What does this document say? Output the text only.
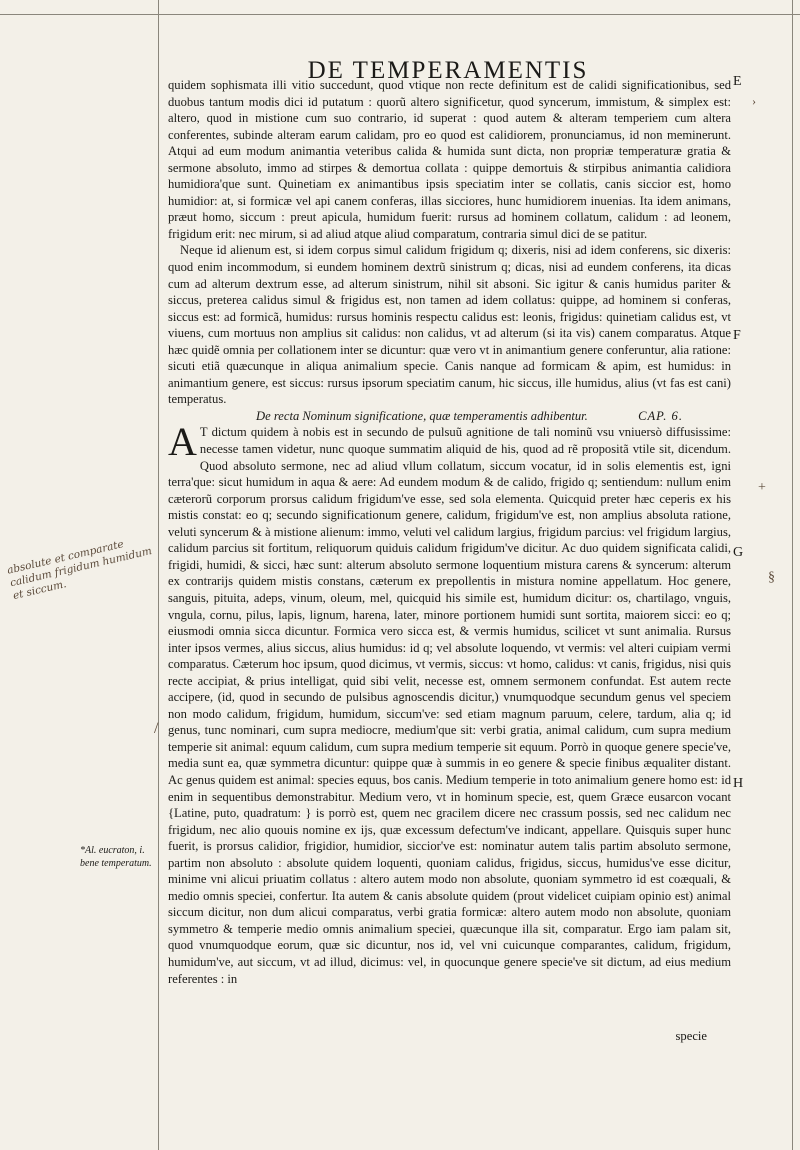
DE TEMPERAMENTIS

quidem sophismata illi vitio succedunt, quod vtique non recte definitum est de calidi significationibus, sed duobus tantum modis dici id putatum : quorũ altero significetur, quod syncerum, immistum, & simplex est: altero, quod in mistione cum suo contrario, id superat : quod autem & alteram temperiem cum altera conferentes, subinde alteram earum calidam, pro eo quod est calidiorem, pronunciamus, id non meminerunt. Atqui ad eum modum animantia veteribus calida & humida sunt dicta, non propriæ temperaturæ gratia & sermone absoluto, immo ad stirpes & demortua collata : quippe demortuis & stirpibus animantia calidiora humidiora'que sunt. Quinetiam ex animantibus ipsis speciatim inter se collatis, canis siccior est, homo humidior: at, si formicæ vel api canem conferas, illas sicciores, hunc humidiorem inuenias. Ita idem animans, præut homo, siccum : preut apicula, humidum fuerit: rursus ad hominem collatum, calidum : ad leonem, frigidum erit: nec mirum, si ad aliud atque aliud comparatum, contraria simul dici de se patitur.

Neque id alienum est, si idem corpus simul calidum frigidum q; dixeris, nisi ad idem conferens, sic dixeris: quod enim incommodum, si eundem hominem dextrũ sinistrum q; dicas, nisi ad eundem conferens, ita dicas cum ad alterum dextrum esse, ad alterum sinistrum, nihil sit absoni. Sic igitur & canis humidus pariter & siccus, preterea calidus simul & frigidus est, non tamen ad idem collatus: quippe, ad hominem si conferas, siccus est: ad formicã, humidus: rursus hominis respectu calidus est: leonis, frigidus: quinetiam calidus est, vt viuens, cum mortuus non amplius sit calidus: non calidus, vt ad alterum (si ita vis) canem comparatus. Atque hæc quidẽ omnia per collationem inter se dicuntur: quæ vero vt in animantium genere conferuntur, alia ratione: sicuti etiã quæcunque in aliqua animalium specie. Canis nanque ad formicam & apim, est humidus: in animantium genere, est siccus: rursus ipsorum speciatim canum, hic siccus, ille humidus, alius (vt fas est cani) temperatus.

De recta Nominum significatione, quæ temperamentis adhibentur.	CAP. 6.

A T dictum quidem à nobis est in secundo de pulsuũ agnitione de tali nominũ vsu vniuersò diffusissime: necesse tamen videtur, nunc quoque summatim aliquid de his, quod ad rẽ propositã vtile sit, dicendum. Quod absoluto sermone, nec ad aliud vllum collatum, siccum vocatur, id in solis elementis est, igni terra'que: sicut humidum in aqua & aere: Ad eundem modum & de calido, frigido q; sentiendum: nullum enim cæterorũ corporum prorsus calidum frigidum've esse, sed sola elementa. Quicquid preter hæc ceperis ex his mistis constat: eo q; secundo significationum genere, calidum, frigidum've est, non amplius absoluta ratione, veluti syncerum & à mistione alienum: immo, veluti vel calidum largius, frigidum parcius: vel frigidum largius, calidum parcius sit fortitum, reliquorum quiduis calidum frigidum've dicitur. Ac duo quidem significata calidi, frigidi, humidi, & sicci, hæc sunt: alterum absoluto sermone loquentium mistura carens & syncerum: alterum ex contrarijs quidem mistis constans, cæterum ex prepollentis in mistura nomine appellatum. Hoc genere, sanguis, pituita, adeps, vinum, oleum, mel, quicquid his simile est, humidum dicitur: os, chartilago, vnguis, vngula, cornu, pilus, lapis, lignum, harena, later, minore portionem humidi sunt sortita, maiorem sicci: eo q; eiusmodi omnia sicca dicuntur. Formica vero sicca est, & vermis humidus, scilicet vt sunt animalia. Rursus inter ipsos vermes, alius siccus, alius humidus: id q; vel absolute loquendo, vt vermis: vel alteri cuipiam vermi comparatus. Cæterum hoc ipsum, quod dicimus, vt vermis, siccus: vt homo, calidus: vt canis, frigidus, nisi quis recte accipiat, & prius intelligat, quid sibi velit, necesse est, omnem sermonem confundat. Est autem recte accipere, (id, quod in secundo de pulsibus agnoscendis dicitur,) vnumquodque secundum genus vel speciem non modo calidum, frigidum, humidum, siccum've: sed etiam magnum paruum, celere, tardum, alia q; id genus, tunc nominari, cum supra mediocre, medium'que sit: verbi gratia, animal calidum, cum supra medium temperie sit animal: equum calidum, cum supra medium temperie sit equum. Porrò in quoque genere specie've, media sunt ea, quæ symmetra dicuntur: quippe quæ à summis in eo genere & specie finibus æqualiter distant. Ac genus quidem est animal: species equus, bos canis. Medium temperie in toto animalium genere homo est: id enim in sequentibus demonstrabitur. Medium vero, vt in hominum specie, est, quem Græce eusarcon vocant {Latine, puto, quadratum: } is porrò est, quem nec gracilem dicere nec crassum possis, sed nec calidum nec frigidum, nec alio quouis nomine ex ijs, quæ excessum defectum've indicant, appellare. Quisquis super hunc fuerit, is prorsus calidior, frigidior, humidior, siccior've est: nominatur autem talis partim absoluto sermone, partim non absoluto : absolute quidem loquenti, quoniam calidus, frigidus, siccus, humidus've esse dicitur, minime vni alicui priuatim collatus : altero autem modo non absolute, quoniam symmetro id est coæquali, & medio omnis speciei, confertur. Ita autem & canis absolute quidem (prout videlicet cuipiam opinio est) animal siccum dicitur, non dum alicui comparatus, verbi gratia formicæ: altero autem modo non absolute, quoniam symmetro & temperie medio omnis animalium speciei, quæcunque illa sit, comparatur. Ergo iam palam sit, quod vnumquodque eorum, quæ sic dicuntur, nos id, vel vni cuicunque comparantes, calidum, frigidum, humidum've, aut siccum, vt ad illud, dicimus: vel, in quocunque genere specie've sit dictum, ad eius medium referentes : in

specie
E
F
G
H
*Al. eucraton, i. bene temperatum.
absolute et comparate calidum frigidum humidum et siccum.
+
§
/
›
